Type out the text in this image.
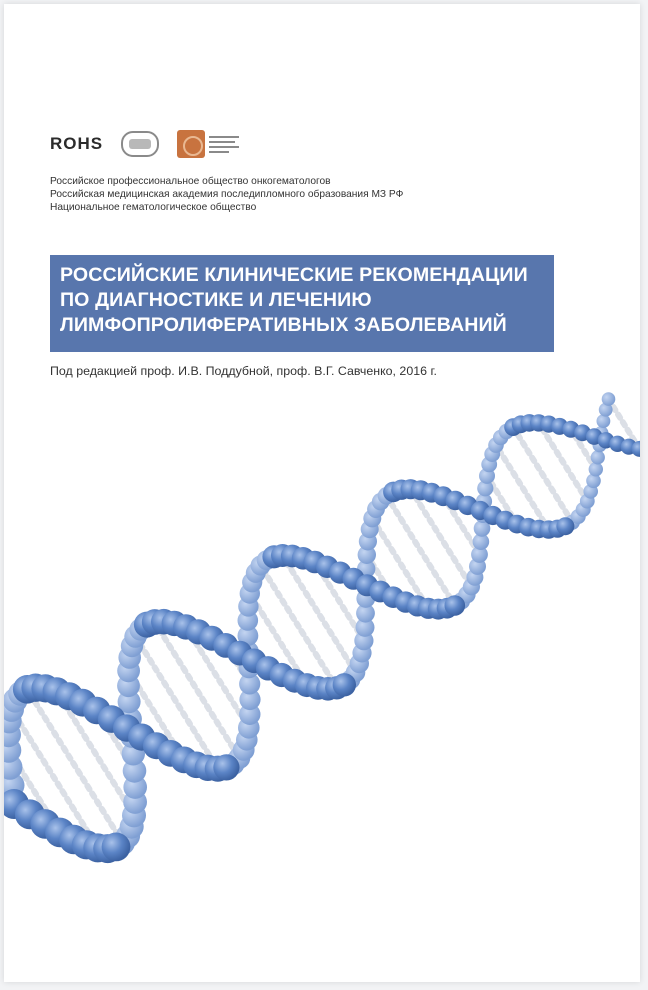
ROHS
Российское профессиональное общество онкогематологов
Российская медицинская академия последипломного образования МЗ РФ
Национальное гематологическое общество
РОССИЙСКИЕ КЛИНИЧЕСКИЕ РЕКОМЕНДАЦИИ
ПО ДИАГНОСТИКЕ И ЛЕЧЕНИЮ
ЛИМФОПРОЛИФЕРАТИВНЫХ ЗАБОЛЕВАНИЙ
Под редакцией проф. И.В. Поддубной, проф. В.Г. Савченко, 2016 г.
